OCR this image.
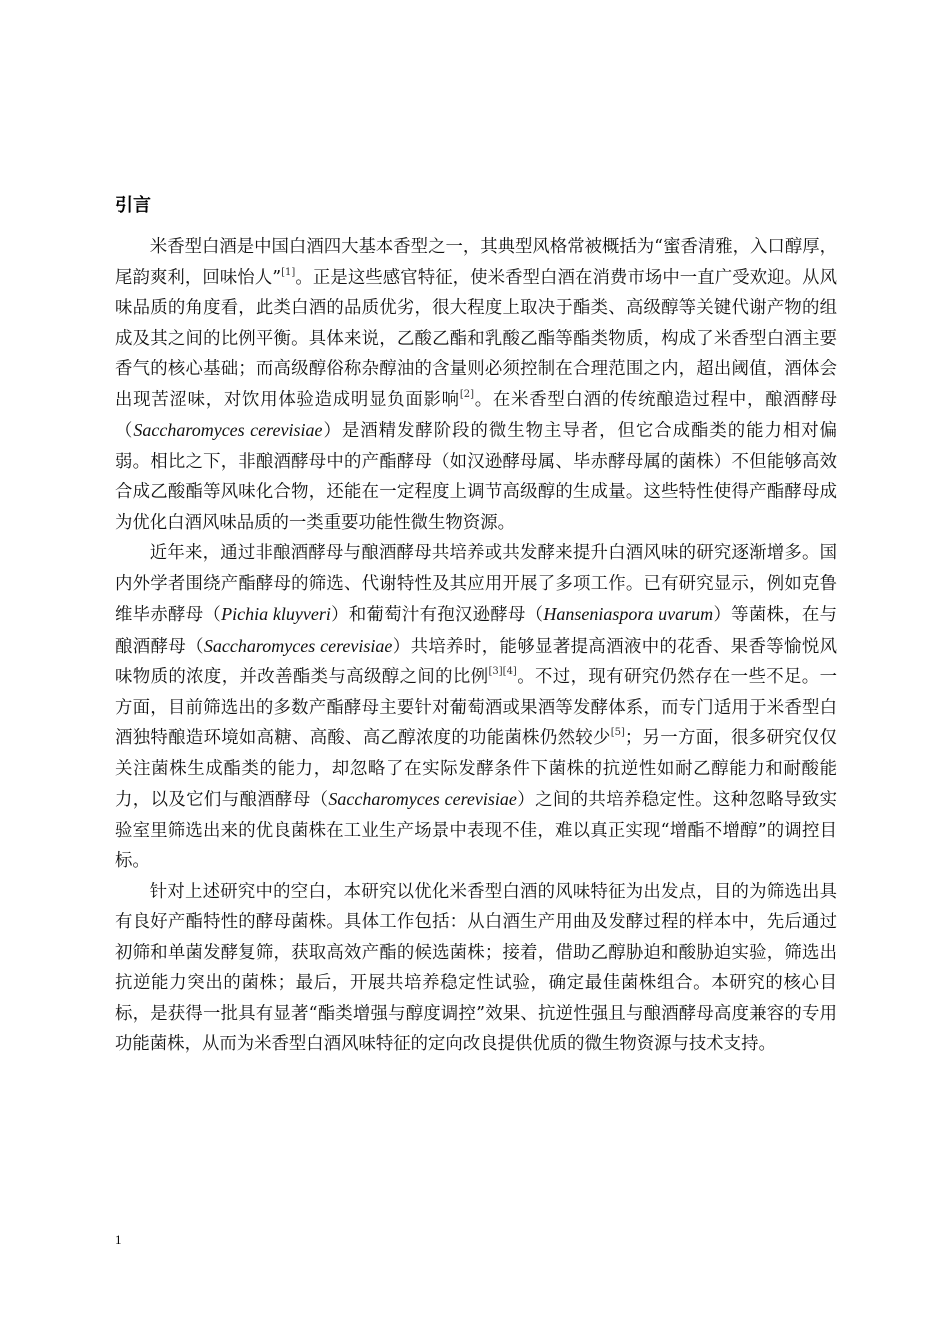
引言

米香型白酒是中国白酒四大基本香型之一，其典型风格常被概括为“蜜香清雅，入口醇厚，尾韵爽利，回味怡人”[1]。正是这些感官特征，使米香型白酒在消费市场中一直广受欢迎。从风味品质的角度看，此类白酒的品质优劣，很大程度上取决于酯类、高级醇等关键代谢产物的组成及其之间的比例平衡。具体来说，乙酸乙酯和乳酸乙酯等酯类物质，构成了米香型白酒主要香气的核心基础；而高级醇俗称杂醇油的含量则必须控制在合理范围之内，超出阈值，酒体会出现苦涩味，对饮用体验造成明显负面影响[2]。在米香型白酒的传统酿造过程中，酿酒酵母（Saccharomyces cerevisiae）是酒精发酵阶段的微生物主导者，但它合成酯类的能力相对偏弱。相比之下，非酿酒酵母中的产酯酵母（如汉逊酵母属、毕赤酵母属的菌株）不但能够高效合成乙酸酯等风味化合物，还能在一定程度上调节高级醇的生成量。这些特性使得产酯酵母成为优化白酒风味品质的一类重要功能性微生物资源。

近年来，通过非酿酒酵母与酿酒酵母共培养或共发酵来提升白酒风味的研究逐渐增多。国内外学者围绕产酯酵母的筛选、代谢特性及其应用开展了多项工作。已有研究显示，例如克鲁维毕赤酵母（Pichia kluyveri）和葡萄汁有孢汉逊酵母（Hanseniaspora uvarum）等菌株，在与酿酒酵母（Saccharomyces cerevisiae）共培养时，能够显著提高酒液中的花香、果香等愉悦风味物质的浓度，并改善酯类与高级醇之间的比例[3][4]。不过，现有研究仍然存在一些不足。一方面，目前筛选出的多数产酯酵母主要针对葡萄酒或果酒等发酵体系，而专门适用于米香型白酒独特酿造环境如高糖、高酸、高乙醇浓度的功能菌株仍然较少[5]；另一方面，很多研究仅仅关注菌株生成酯类的能力，却忽略了在实际发酵条件下菌株的抗逆性如耐乙醇能力和耐酸能力，以及它们与酿酒酵母（Saccharomyces cerevisiae）之间的共培养稳定性。这种忽略导致实验室里筛选出来的优良菌株在工业生产场景中表现不佳，难以真正实现“增酯不增醇”的调控目标。

针对上述研究中的空白，本研究以优化米香型白酒的风味特征为出发点，目的为筛选出具有良好产酯特性的酵母菌株。具体工作包括：从白酒生产用曲及发酵过程的样本中，先后通过初筛和单菌发酵复筛，获取高效产酯的候选菌株；接着，借助乙醇胁迫和酸胁迫实验，筛选出抗逆能力突出的菌株；最后，开展共培养稳定性试验，确定最佳菌株组合。本研究的核心目标，是获得一批具有显著“酯类增强与醇度调控”效果、抗逆性强且与酿酒酵母高度兼容的专用功能菌株，从而为米香型白酒风味特征的定向改良提供优质的微生物资源与技术支持。

1
